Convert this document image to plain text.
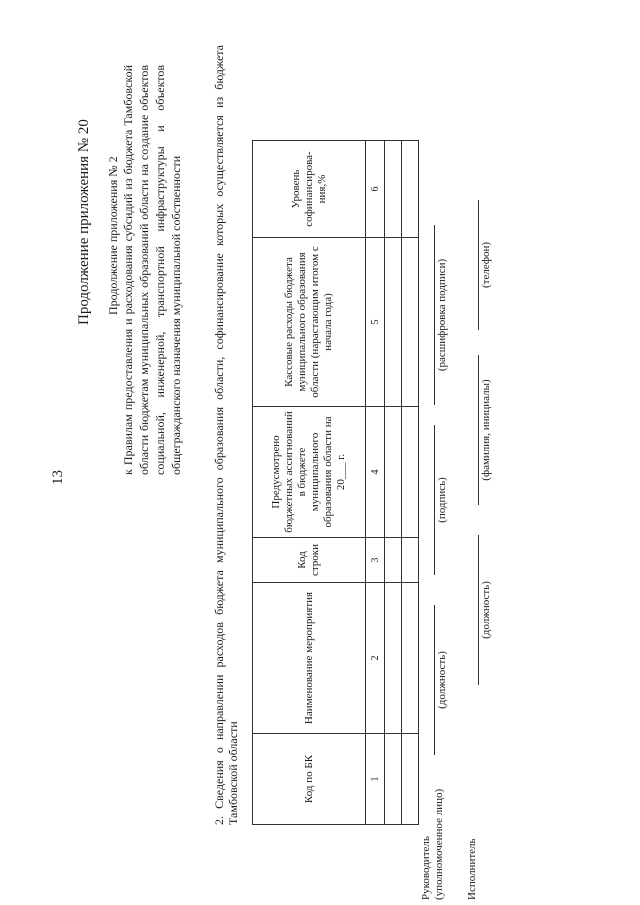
13
Продолжение приложения № 20 Продолжение приложения № 2 к Правилам предоставления и расходования субсидий из бюджета Тамбовской области бюджетам муниципальных образований области на создание объектов социальной, инженерной, транспортной инфраструктуры и объектов общегражданского назначения муниципальной собственности 2. Сведения о направлении расходов бюджета муниципального образования области, софинансирование которых осуществляется из бюджета Тамбовской области	Код по БК	Наименование мероприятия	Код строки	Предусмотрено бюджетных ассигнований в бюджете муниципального образования области на 20___ г.	Кассовые расходы бюджета муниципального образования области (нарастающим итогом с начала года)	Уровень софинансирова-ния,%
1	2	3	4	5	6

Руководитель (уполномоченное лицо)
(должность)
(подпись)
(расшифровка подписи)
Исполнитель
(должность)
(фамилия, инициалы)
(телефон)
